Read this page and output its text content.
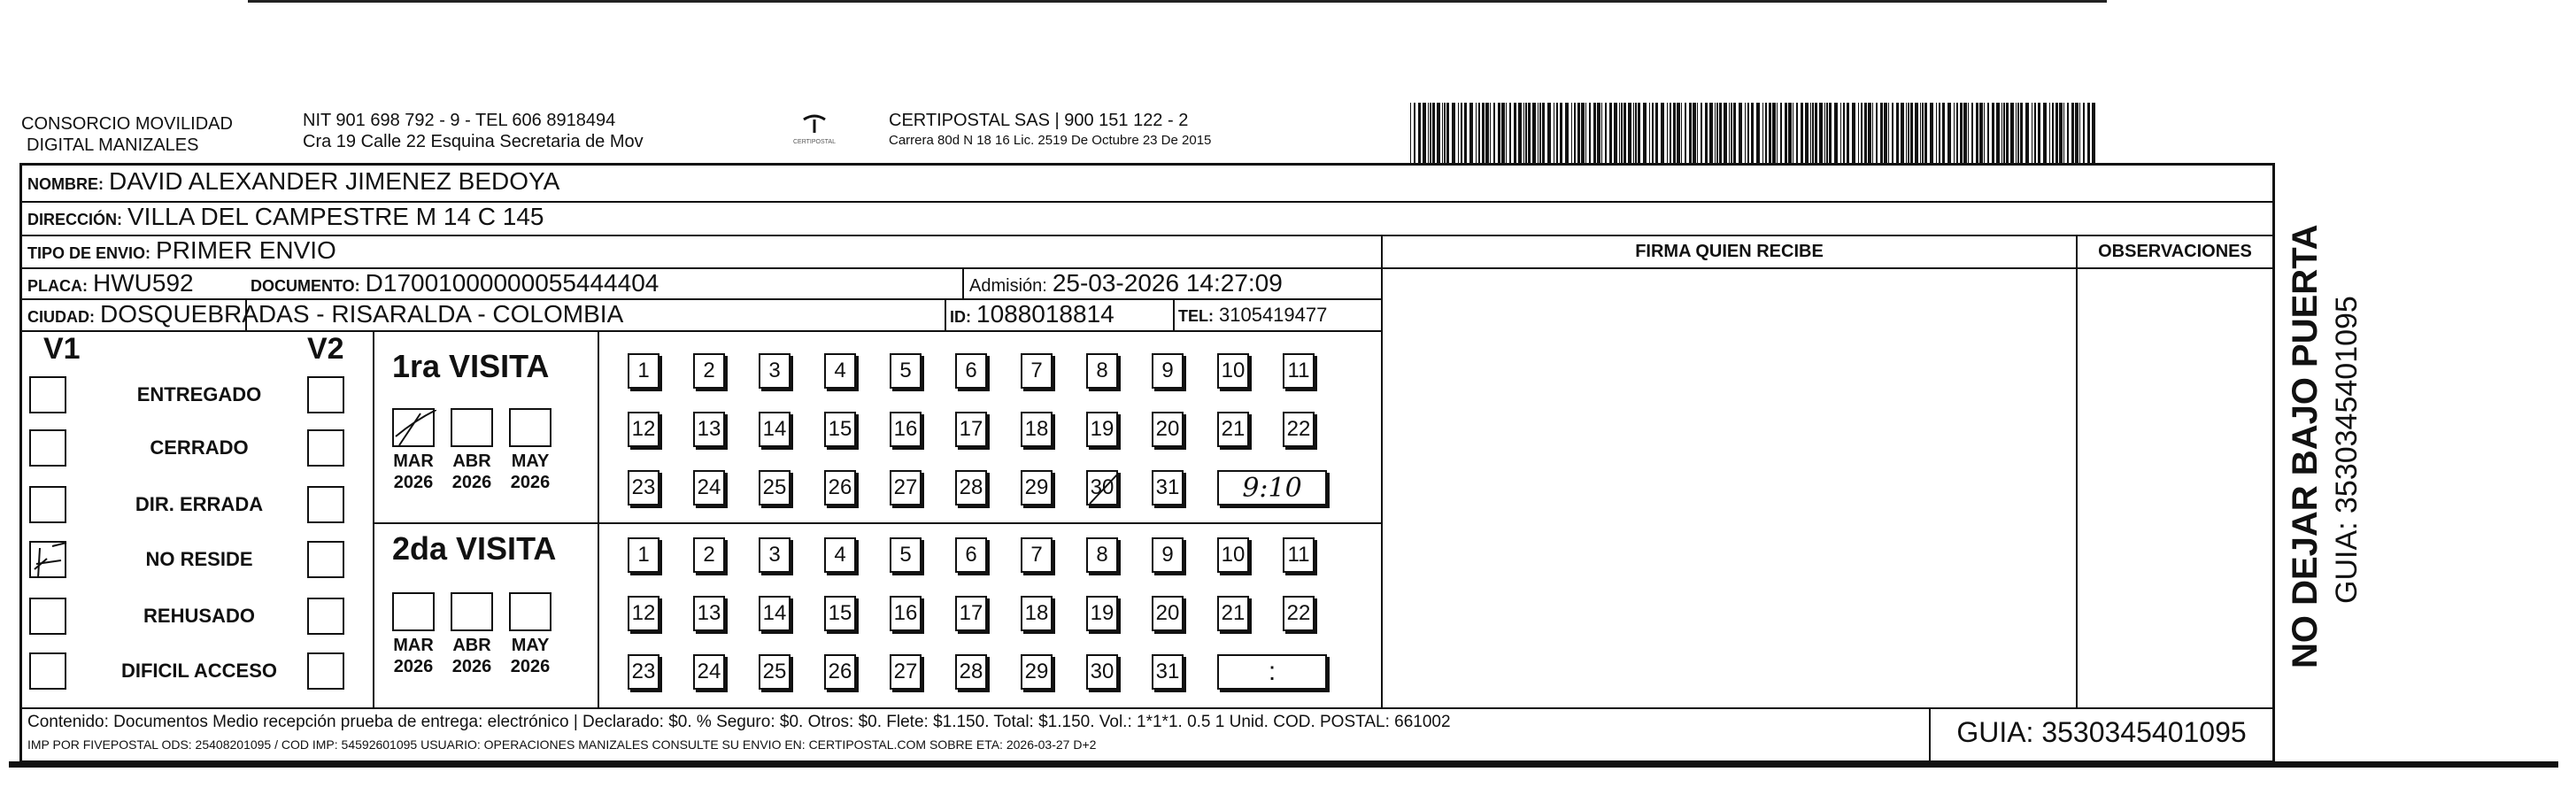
CONSORCIO MOVILIDAD
DIGITAL MANIZALES
NIT 901 698 792 - 9 - TEL 606 8918494
Cra 19 Calle 22 Esquina Secretaria de Mov	CERTIPOSTAL
CERTIPOSTAL SAS | 900 151 122 - 2
Carrera 80d N 18 16 Lic. 2519 De Octubre 23 De 2015
NOMBRE: DAVID ALEXANDER JIMENEZ BEDOYA
DIRECCIÓN: VILLA DEL CAMPESTRE M 14 C 145
TIPO DE ENVIO: PRIMER ENVIO
PLACA: HWU592	DOCUMENTO: D17001000000055444404	Admisión: 25-03-2026 14:27:09
CIUDAD: DOSQUEBRADAS - RISARALDA - COLOMBIA	ID: 1088018814	TEL: 3105419477
FIRMA QUIEN RECIBE	OBSERVACIONES
V1	V2
ENTREGADO
CERRADO
DIR. ERRADA
NO RESIDE
REHUSADO
DIFICIL ACCESO
1ra VISITA
2da VISITA
MAR
2026
ABR
2026
MAY
2026
MAR
2026
ABR
2026
MAY
2026
1	2	3	4	5	6	7	8	9	10 11
12 13 14 15 16 17 18 19 20 21 22
23 24 25 26 27 28 29 30 31	9:10
1	2	3	4	5	6	7	8	9	10 11
12 13 14 15 16 17 18 19 20 21 22
23 24 25 26 27 28 29 30 31	:
Contenido: Documentos Medio recepción prueba de entrega: electrónico | Declarado: $0. % Seguro: $0. Otros: $0. Flete: $1.150. Total: $1.150. Vol.: 1*1*1. 0.5 1 Unid. COD. POSTAL: 661002
IMP POR FIVEPOSTAL ODS: 25408201095 / COD IMP: 54592601095 USUARIO: OPERACIONES MANIZALES CONSULTE SU ENVIO EN: CERTIPOSTAL.COM SOBRE ETA: 2026-03-27 D+2	GUIA: 3530345401095
NO DEJAR BAJO PUERTA GUIA: 3530345401095
